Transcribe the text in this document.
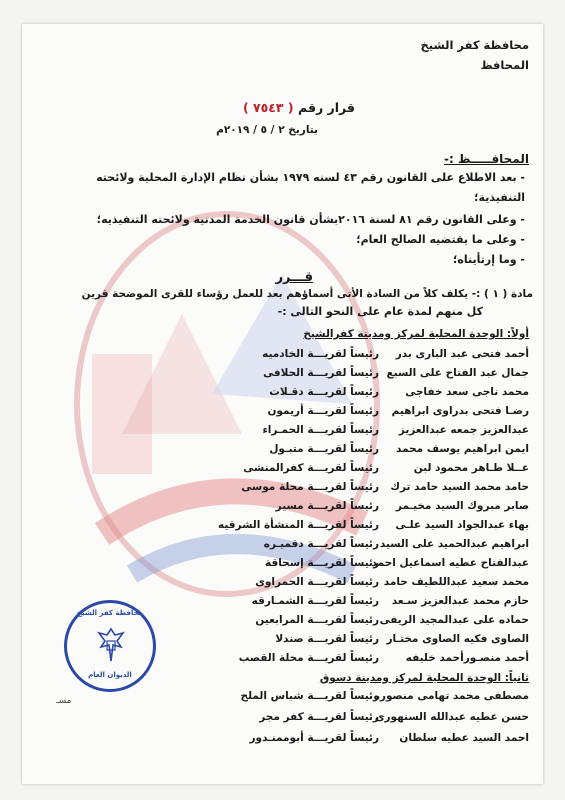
محافظة كفر الشيخ
المحافظ
قرار رقم ( ٧٥٤٣ )
بتاريخ ٢ / ٥ / ٢٠١٩م
المحافـــــظ :-
- بعد الاطلاع على القانون رقم ٤٣ لسنه ١٩٧٩ بشأن نظام الإدارة المحلية ولائحته
التنفيذية؛
- وعلى القانون رقم ٨١ لسنة ٢٠١٦بشأن قانون الخدمة المدنية ولائحته التنفيذيه؛
- وعلى ما يقتضيه الصالح العام؛
- وما إرتأيناه؛
قـــرر
مادة ( ١ ) :- يكلف كلاً من السادة الأتى أسماؤهم بعد للعمل رؤساء للقرى الموضحة قرين
كل منهم لمدة عام على النحو التالى :-
أولاً: الوحدة المحلية لمركز ومدينة كفرالشيخ
أحمد فتحى عبد البارى بدر
رئيساً لقريـــة الخادميه
جمال عبد الفتاح على السبع
رئيساً لقريـــة الحلافى
محمد ناجى سعد خفاجى
رئيساً لقريـــة دقـلات
رضـا فتحى بدراوى ابراهيم
رئيساً لقريـــة أريمون
عبدالعزيز جمعه عبدالعزيز
رئيساً لقريـــة الحمـراء
ايمن ابراهيم يوسف محمد
رئيساً لقريـــة متبـول
عــلا طـاهر محمود لبن
رئيساً لقريـــة كفرالمنشى
حامد محمد السيد حامد ترك
رئيساً لقريـــة محلة موسى
صابر مبروك السيد مخيـمر
رئيساً لقريـــة مسير
بهاء عبدالجواد السيد علـى
رئيساً لقريـــة المنشأة الشرقيه
ابراهيم عبدالحميد على السيد
رئيساً لقريـــة دقميـره
عبدالفتاح عطيه اسماعيل احمد
رئيساً لقريـــة إسحاقة
محمد سعيد عبداللطيف حامد
رئيساً لقريـــة الحمراوى
حازم محمد عبدالعزيز سـعد
رئيساً لقريـــة الشمـارقه
حماده على عبدالمجيد الريفى
رئيساً لقريـــة المرابعين
الصاوى فكيه الصاوى مختـار
رئيساً لقريـــة صندلا
أحمد منصـورأحمد خليفه
رئيساً لقريـــة محلة القصب
ثانياً: الوحدة المحلية لمركز ومدينة دسوق
مصطفى محمد تهامى منصوره
رئيساً لقريـــة شباس الملح
حسن عطيه عبدالله السنهورى
رئيساً لقريـــة كفر مجر
احمد السيد عطيه سلطان
رئيساً لقريـــة أبوممنـدور
محافظة كفر الشيخ
الديوان العام
مسـ
